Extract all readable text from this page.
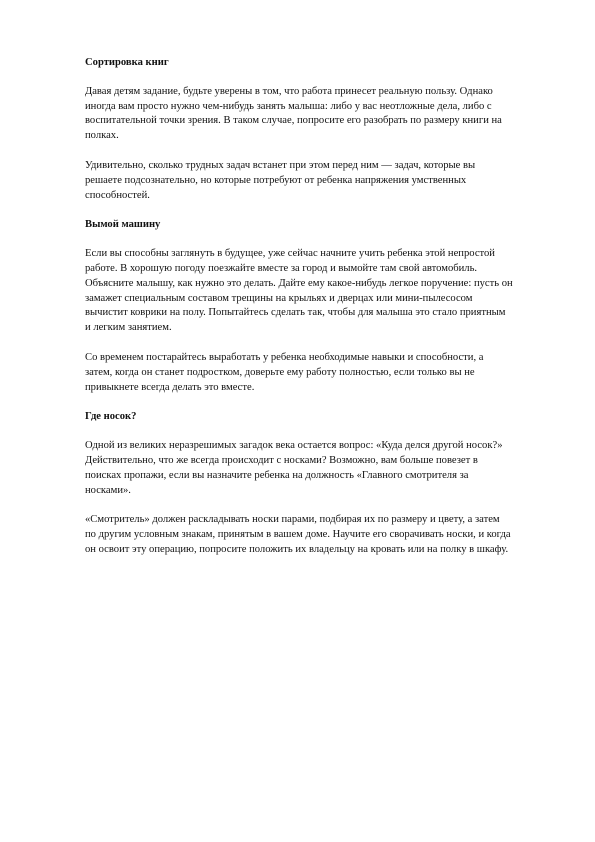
Сортировка книг

Давая детям задание, будьте уверены в том, что работа принесет реальную пользу. Однако иногда вам просто нужно чем-нибудь занять малыша: либо у вас неотложные дела, либо с воспитательной точки зрения. В таком случае, попросите его разобрать по размеру книги на полках.

Удивительно, сколько трудных задач встанет при этом перед ним — задач, которые вы решаете подсознательно, но которые потребуют от ребенка напряжения умственных способностей.

Вымой машину

Если вы способны заглянуть в будущее, уже сейчас начните учить ребенка этой непростой работе. В хорошую погоду поезжайте вместе за город и вымойте там свой автомобиль. Объясните малышу, как нужно это делать. Дайте ему какое-нибудь легкое поручение: пусть он замажет специальным составом трещины на крыльях и дверцах или мини-пылесосом вычистит коврики на полу. Попытайтесь сделать так, чтобы для малыша это стало приятным и легким занятием.

Со временем постарайтесь выработать у ребенка необходимые навыки и способности, а затем, когда он станет подростком, доверьте ему работу полностью, если только вы не привыкнете всегда делать это вместе.

Где носок?

Одной из великих неразрешимых загадок века остается вопрос: «Куда делся другой носок?» Действительно, что же всегда происходит с носками? Возможно, вам больше повезет в поисках пропажи, если вы назначите ребенка на должность «Главного смотрителя за носками».

«Смотритель» должен раскладывать носки парами, подбирая их по размеру и цвету, а затем по другим условным знакам, принятым в вашем доме. Научите его сворачивать носки, и когда он освоит эту операцию, попросите положить их владельцу на кровать или на полку в шкафу.
